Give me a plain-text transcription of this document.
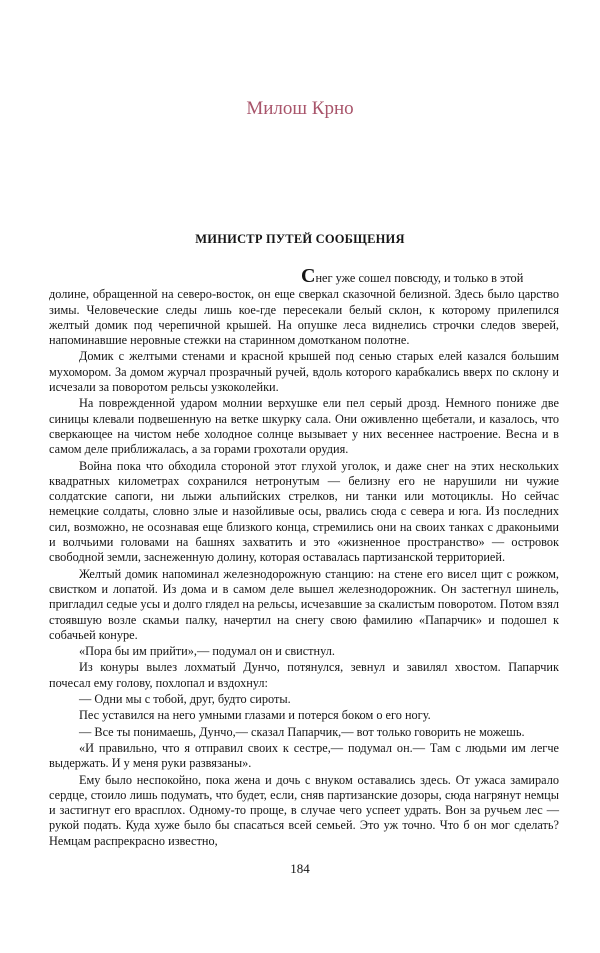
Милош Крно
МИНИСТР ПУТЕЙ СООБЩЕНИЯ

Снег уже сошел повсюду, и только в этой

долине, обращенной на северо-восток, он еще сверкал сказочной белизной. Здесь было царство зимы. Человеческие следы лишь кое-где пересекали белый склон, к которому прилепился желтый домик под черепичной крышей. На опушке леса виднелись строчки следов зверей, напоминавшие неровные стежки на старинном домотканом полотне.

Домик с желтыми стенами и красной крышей под сенью старых елей казался большим мухомором. За домом журчал прозрачный ручей, вдоль которого карабкались вверх по склону и исчезали за поворотом рельсы узкоколейки.

На поврежденной ударом молнии верхушке ели пел серый дрозд. Немного пониже две синицы клевали подвешенную на ветке шкурку сала. Они оживленно щебетали, и казалось, что сверкающее на чистом небе холодное солнце вызывает у них весеннее настроение. Весна и в самом деле приближалась, а за горами грохотали орудия.

Война пока что обходила стороной этот глухой уголок, и даже снег на этих нескольких квадратных километрах сохранился нетронутым — белизну его не нарушили ни чужие солдатские сапоги, ни лыжи альпийских стрелков, ни танки или мотоциклы. Но сейчас немецкие солдаты, словно злые и назойливые осы, рвались сюда с севера и юга. Из последних сил, возможно, не осознавая еще близкого конца, стремились они на своих танках с драконьими и волчьими головами на башнях захватить и это «жизненное пространство» — островок свободной земли, заснеженную долину, которая оставалась партизанской территорией.

Желтый домик напоминал железнодорожную станцию: на стене его висел щит с рожком, свистком и лопатой. Из дома и в самом деле вышел железнодорожник. Он застегнул шинель, пригладил седые усы и долго глядел на рельсы, исчезавшие за скалистым поворотом. Потом взял стоявшую возле скамьи палку, начертил на снегу свою фамилию «Папарчик» и подошел к собачьей конуре.

«Пора бы им прийти»,— подумал он и свистнул.

Из конуры вылез лохматый Дунчо, потянулся, зевнул и завилял хвостом. Папарчик почесал ему голову, похлопал и вздохнул:

— Одни мы с тобой, друг, будто сироты.

Пес уставился на него умными глазами и потерся боком о его ногу.

— Все ты понимаешь, Дунчо,— сказал Папарчик,— вот только говорить не можешь.

«И правильно, что я отправил своих к сестре,— подумал он.— Там с людьми им легче выдержать. И у меня руки развязаны».

Ему было неспокойно, пока жена и дочь с внуком оставались здесь. От ужаса замирало сердце, стоило лишь подумать, что будет, если, сняв партизанские дозоры, сюда нагрянут немцы и застигнут его врасплох. Одному-то проще, в случае чего успеет удрать. Вон за ручьем лес — рукой подать. Куда хуже было бы спасаться всей семьей. Это уж точно. Что б он мог сделать? Немцам распрекрасно известно,

184
